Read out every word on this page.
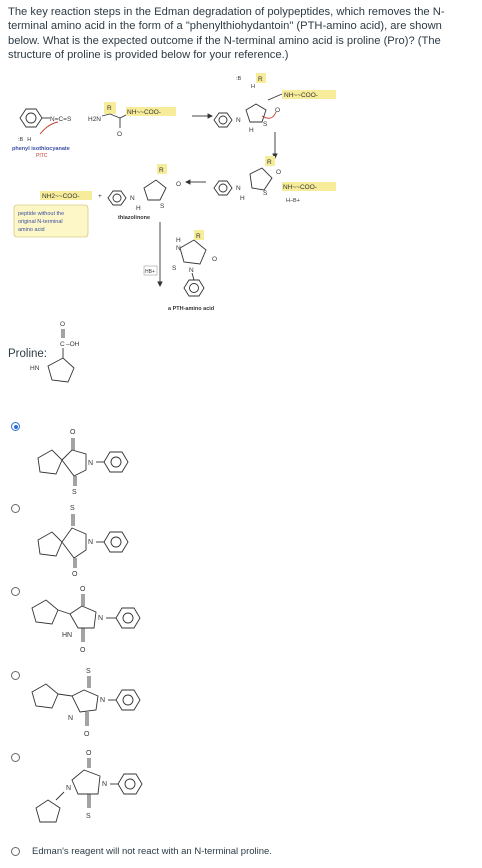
The key reaction steps in the Edman degradation of polypeptides, which removes the N-terminal amino acid in the form of a "phenylthiohydantoin" (PTH-amino acid), are shown below. What is the expected outcome if the N-terminal amino acid is proline (Pro)? (The structure of proline is provided below for your reference.)
N=C=S
:B H
phenyl isothiocyanate
PITC
H2N
R
O
NH~~COO-
N
:B
H
R
S
H
NH~~COO-
O
N
R
S
H
NH~~COO-
H–B+
O
N
R
O
S
H
thiazolinone
+
NH2~~COO-
peptide without the
original N-terminal
amino acid
HB+
R
H
N
O
S N
a PTH-amino acid
O
C –OH
HN
Proline:
O
N
S
S
N
O
O
N
HN
O
S
N
N
O
O
N
N
S
Edman's reagent will not react with an N-terminal proline.
